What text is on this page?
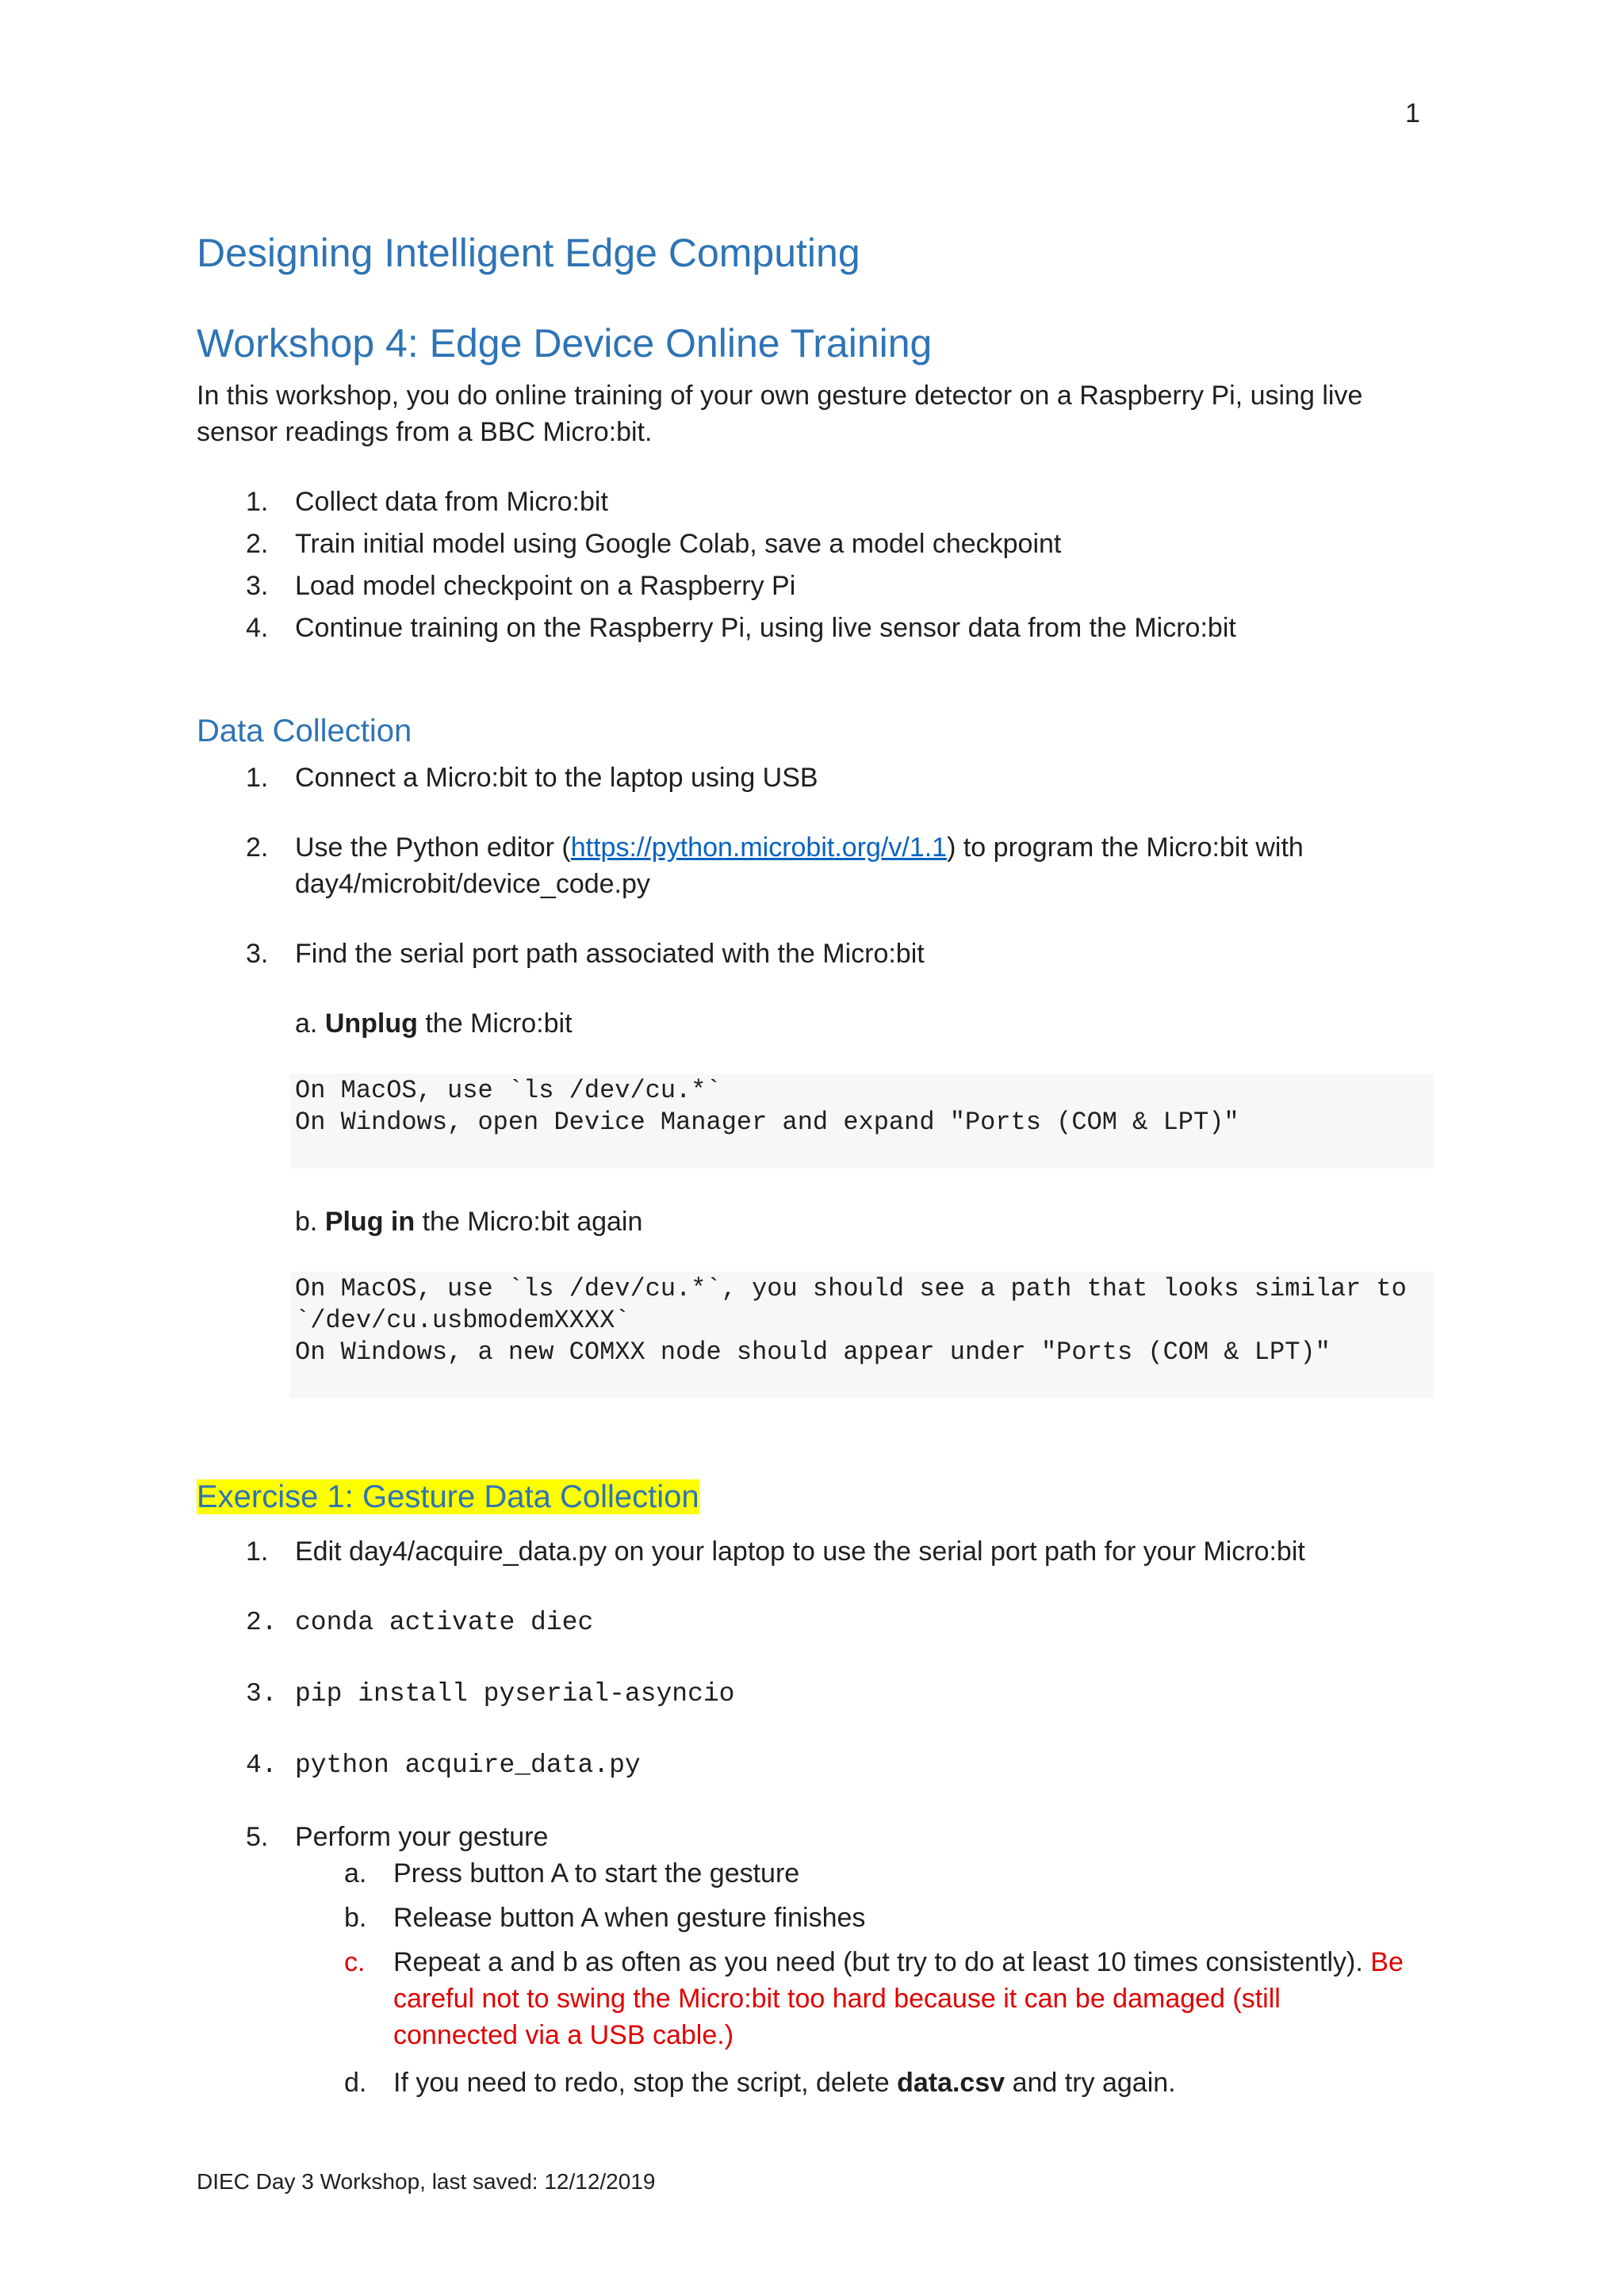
1
Designing Intelligent Edge Computing
Workshop 4: Edge Device Online Training

In this workshop, you do online training of your own gesture detector on a Raspberry Pi, using live sensor readings from a BBC Micro:bit.

1. Collect data from Micro:bit
2. Train initial model using Google Colab, save a model checkpoint
3. Load model checkpoint on a Raspberry Pi
4. Continue training on the Raspberry Pi, using live sensor data from the Micro:bit
Data Collection
1. Connect a Micro:bit to the laptop using USB
2. Use the Python editor (https://python.microbit.org/v/1.1) to program the Micro:bit with
day4/microbit/device_code.py
3. Find the serial port path associated with the Micro:bit
a. Unplug the Micro:bit
On MacOS, use `ls /dev/cu.*`
On Windows, open Device Manager and expand "Ports (COM & LPT)"
b. Plug in the Micro:bit again
On MacOS, use `ls /dev/cu.*`, you should see a path that looks similar to
`/dev/cu.usbmodemXXXX`
On Windows, a new COMXX node should appear under "Ports (COM & LPT)"
Exercise 1: Gesture Data Collection
1. Edit day4/acquire_data.py on your laptop to use the serial port path for your Micro:bit
2. conda activate diec
3. pip install pyserial-asyncio
4. python acquire_data.py
5. Perform your gesture
a. Press button A to start the gesture
b. Release button A when gesture finishes
c.	Repeat a and b as often as you need (but try to do at least 10 times consistently). Be
careful not to swing the Micro:bit too hard because it can be damaged (still
connected via a USB cable.)
d. If you need to redo, stop the script, delete data.csv and try again.
DIEC Day 3 Workshop, last saved: 12/12/2019
